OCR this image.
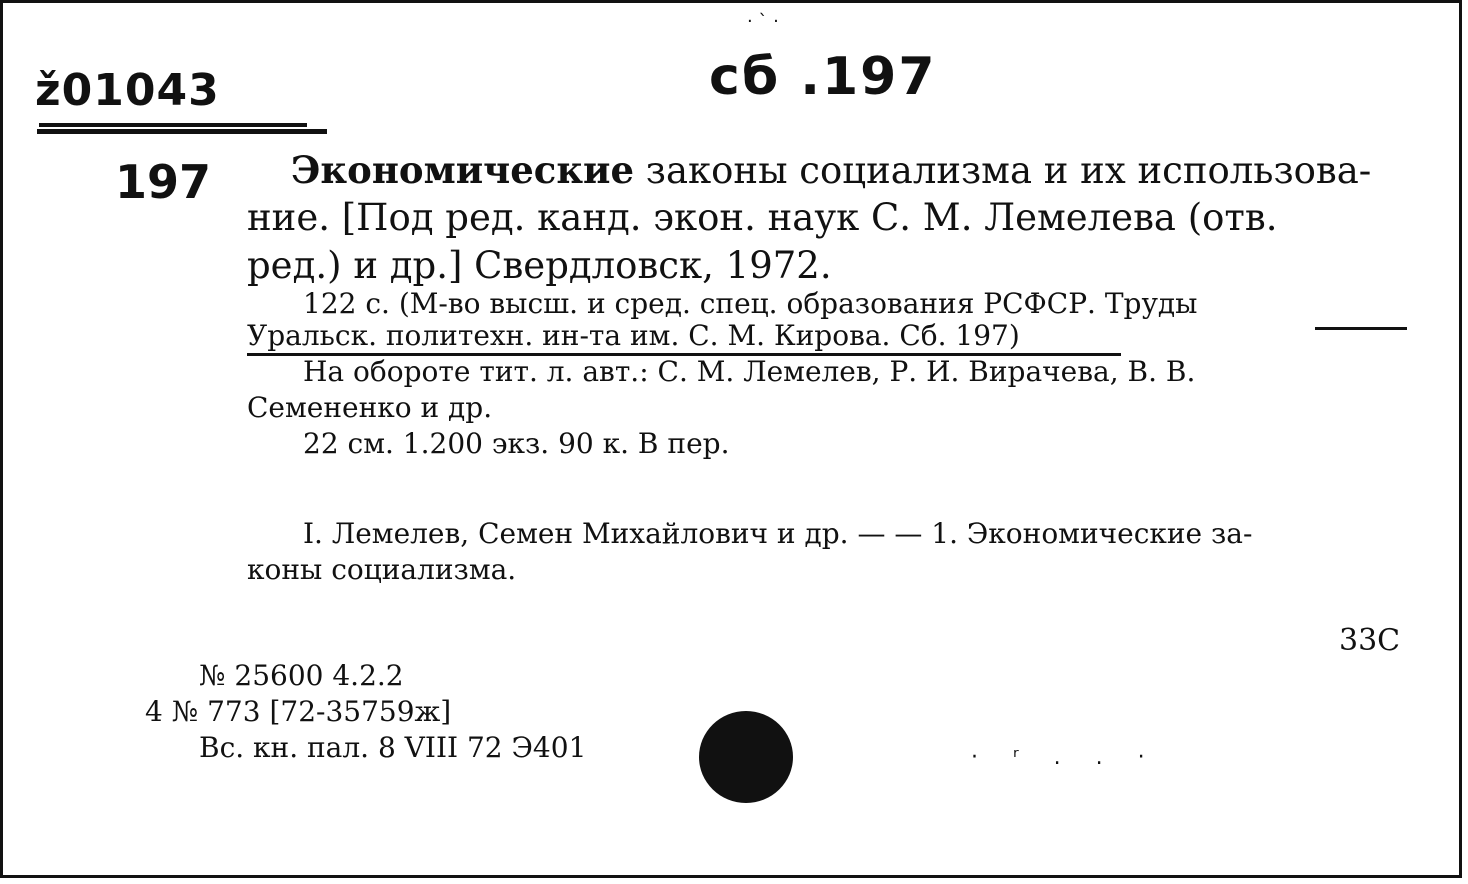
ž01043
· ` ·
cб .197
197 Экономические законы социализма и их использова-
ние. [Под ред. канд. экон. наук С. М. Лемелева (отв.
ред.) и др.] Свердловск, 1972.
122 с. (М-во высш. и сред. спец. образования РСФСР. Труды
Уральск. политехн. ин-та им. С. М. Кирова. Сб. 197)
На обороте тит. л. авт.: С. М. Лемелев, Р. И. Вирачева, В. В.
Семененко и др.
22 см. 1.200 экз. 90 к. В пер.
I. Лемелев, Семен Михайлович и др. — — 1. Экономические за-
коны социализма.
33С
№ 25600 4.2.2
4 № 773 [72-35759ж]
Вс. кн. пал. 8 VIII 72 Э401	· ʳ . . ·
